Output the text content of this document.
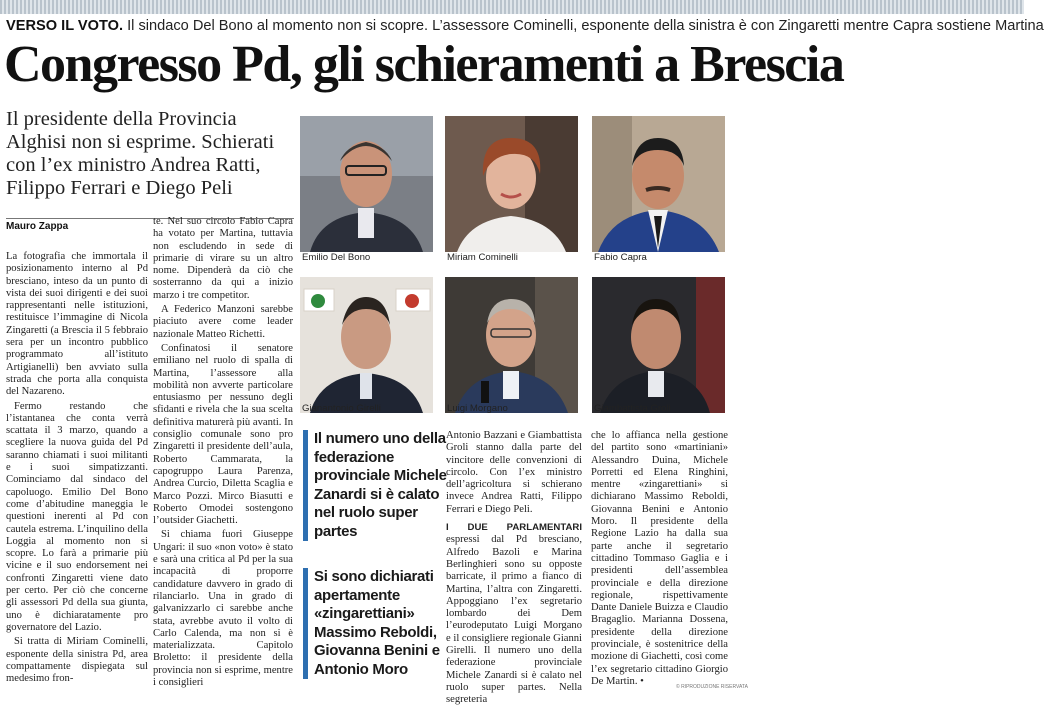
VERSO IL VOTO. Il sindaco Del Bono al momento non si scopre. L’assessore Cominelli, esponente della sinistra è con Zingaretti mentre Capra sostiene Martina
Congresso Pd, gli schieramenti a Brescia
Il presidente della Provincia Alghisi non si esprime. Schierati con l’ex ministro Andrea Ratti, Filippo Ferrari e Diego Peli
Mauro Zappa

La fotografia che immortala il posizionamento interno al Pd bresciano, inteso da un punto di vista dei suoi dirigenti e dei suoi rappresentanti nelle istituzioni, restituisce l’immagine di Nicola Zingaretti (a Brescia il 5 febbraio sera per un incontro pubblico programmato all’istituto Artigianelli) ben avviato sulla strada che porta alla conquista del Nazareno.

Fermo restando che l’istantanea che conta verrà scattata il 3 marzo, quando a scegliere la nuova guida del Pd saranno chiamati i suoi militanti e i suoi simpatizzanti. Cominciamo dal sindaco del capoluogo. Emilio Del Bono come d’abitudine maneggia le questioni inerenti al Pd con cautela estrema. L’inquilino della Loggia al momento non si scopre. Lo farà a primarie più vicine e il suo endorsement nei confronti Zingaretti viene dato per certo. Per ciò che concerne gli assessori Pd della sua giunta, uno è dichiaratamente pro governatore del Lazio.

Si tratta di Miriam Cominelli, esponente della sinistra Pd, area compattamente dispiegata sul medesimo fron-

te. Nel suo circolo Fabio Capra ha votato per Martina, tuttavia non escludendo in sede di primarie di virare su un altro nome. Dipenderà da ciò che sosterranno da qui a inizio marzo i tre competitor.

A Federico Manzoni sarebbe piaciuto avere come leader nazionale Matteo Richetti.

Confinatosi il senatore emiliano nel ruolo di spalla di Martina, l’assessore alla mobilità non avverte particolare entusiasmo per nessuno degli sfidanti e rivela che la sua scelta definitiva maturerà più avanti. In consiglio comunale sono pro Zingaretti il presidente dell’aula, Roberto Cammarata, la capogruppo Laura Parenza, Andrea Curcio, Diletta Scaglia e Marco Pozzi. Mirco Biasutti e Roberto Omodei sostengono l’outsider Giachetti.

Si chiama fuori Giuseppe Ungari: il suo «non voto» è stato e sarà una critica al Pd per la sua incapacità di proporre candidature davvero in grado di rilanciarlo. Una in grado di galvanizzarlo ci sarebbe anche stata, avrebbe avuto il volto di Carlo Calenda, ma non si è materializzata. Capitolo Broletto: il presidente della provincia non si esprime, mentre i consiglieri

Emilio Del Bono	Miriam Cominelli	Fabio Capra
Gianantonio Girelli	Luigi Morgano	Giambattista Groli
Il numero uno della federazione provinciale Michele Zanardi si è calato nel ruolo super partes
Si sono dichiarati apertamente «zingarettiani» Massimo Reboldi, Giovanna Benini e Antonio Moro

Antonio Bazzani e Giambattista Groli stanno dalla parte del vincitore delle convenzioni di circolo. Con l’ex ministro dell’agricoltura si schierano invece Andrea Ratti, Filippo Ferrari e Diego Peli.

I DUE PARLAMENTARI espressi dal Pd bresciano, Alfredo Bazoli e Marina Berlinghieri sono su opposte barricate, il primo a fianco di Martina, l’altra con Zingaretti. Appoggiano l’ex segretario lombardo dei Dem l’eurodeputato Luigi Morgano e il consigliere regionale Gianni Girelli. Il numero uno della federazione provinciale Michele Zanardi si è calato nel ruolo super partes. Nella segreteria

che lo affianca nella gestione del partito sono «martiniani» Alessandro Duina, Michele Porretti ed Elena Ringhini, mentre «zingarettiani» si dichiarano Massimo Reboldi, Giovanna Benini e Antonio Moro. Il presidente della Regione Lazio ha dalla sua parte anche il segretario cittadino Tommaso Gaglia e i presidenti dell’assemblea provinciale e della direzione regionale, rispettivamente Dante Daniele Buizza e Claudio Bragaglio. Marianna Dossena, presidente della direzione provinciale, è sostenitrice della mozione di Giachetti, così come l’ex segretario cittadino Giorgio De Martin. •

© RIPRODUZIONE RISERVATA
